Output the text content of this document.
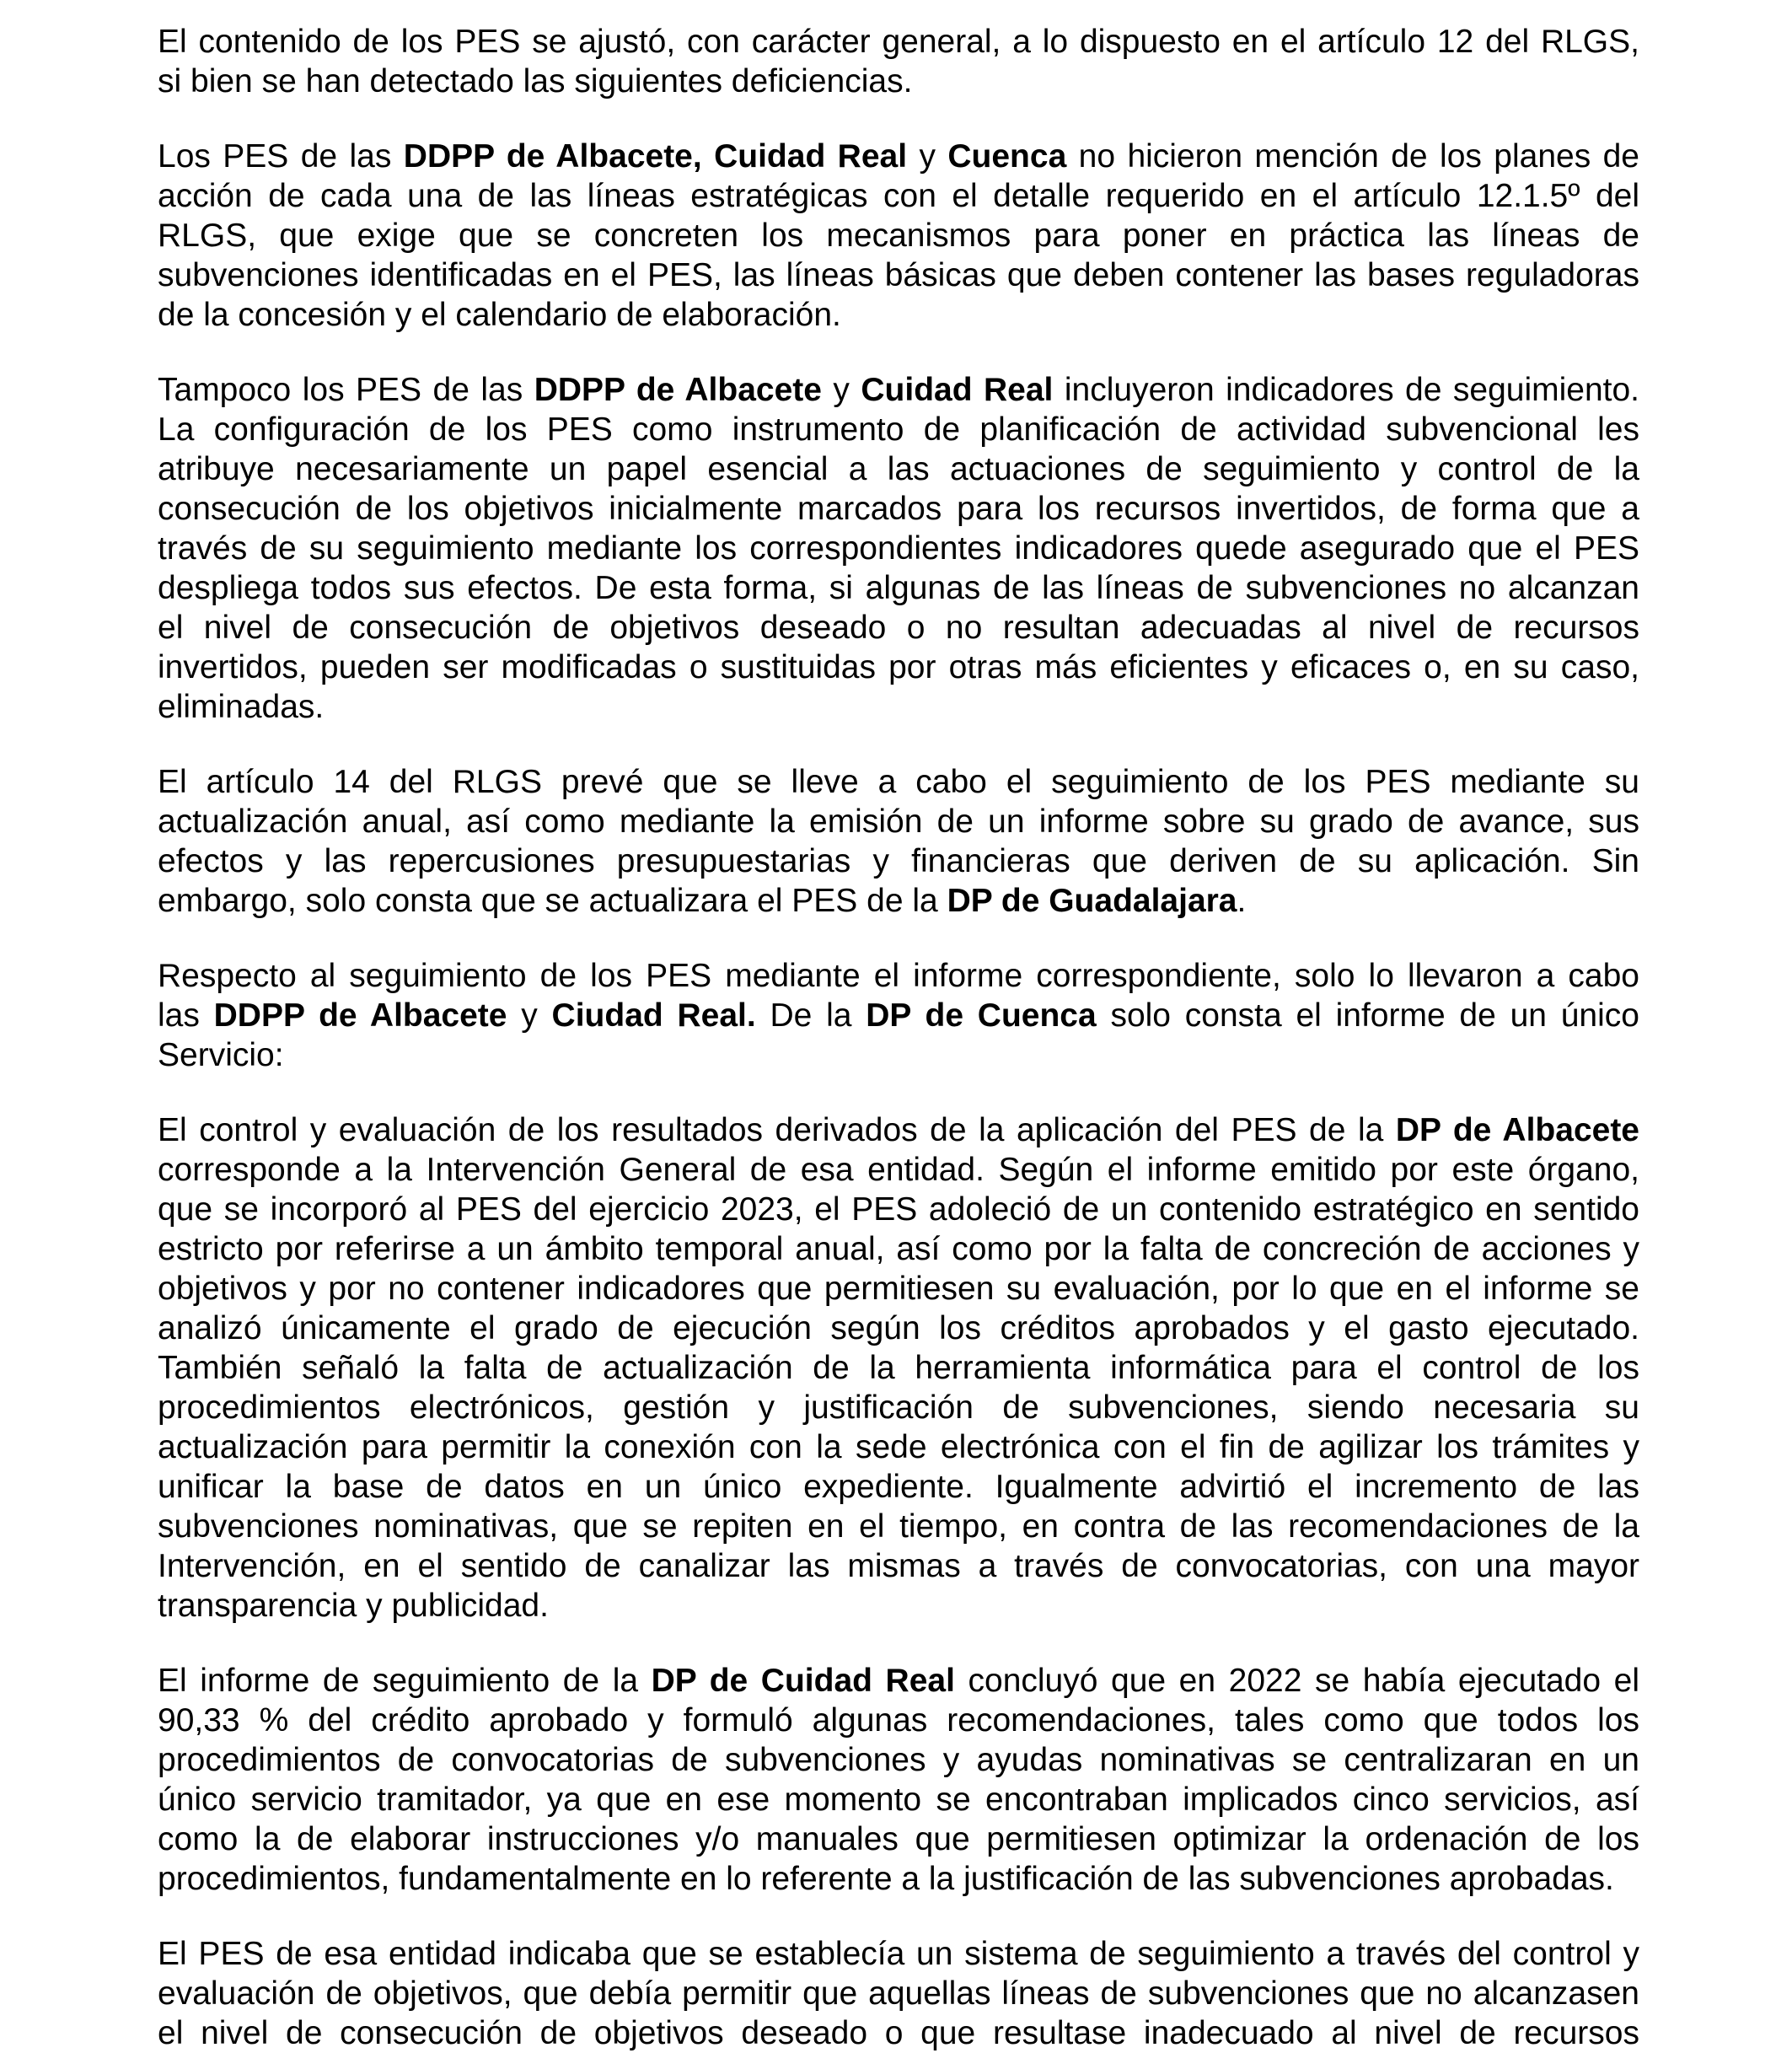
El contenido de los PES se ajustó, con carácter general, a lo dispuesto en el artículo 12 del RLGS,
si bien se han detectado las siguientes deficiencias.

Los PES de las DDPP de Albacete, Cuidad Real y Cuenca no hicieron mención de los planes de
acción de cada una de las líneas estratégicas con el detalle requerido en el artículo 12.1.5º del
RLGS, que exige que se concreten los mecanismos para poner en práctica las líneas de
subvenciones identificadas en el PES, las líneas básicas que deben contener las bases reguladoras
de la concesión y el calendario de elaboración.

Tampoco los PES de las DDPP de Albacete y Cuidad Real incluyeron indicadores de seguimiento.
La configuración de los PES como instrumento de planificación de actividad subvencional les
atribuye necesariamente un papel esencial a las actuaciones de seguimiento y control de la
consecución de los objetivos inicialmente marcados para los recursos invertidos, de forma que a
través de su seguimiento mediante los correspondientes indicadores quede asegurado que el PES
despliega todos sus efectos. De esta forma, si algunas de las líneas de subvenciones no alcanzan
el nivel de consecución de objetivos deseado o no resultan adecuadas al nivel de recursos
invertidos, pueden ser modificadas o sustituidas por otras más eficientes y eficaces o, en su caso,
eliminadas.

El artículo 14 del RLGS prevé que se lleve a cabo el seguimiento de los PES mediante su
actualización anual, así como mediante la emisión de un informe sobre su grado de avance, sus
efectos y las repercusiones presupuestarias y financieras que deriven de su aplicación. Sin
embargo, solo consta que se actualizara el PES de la DP de Guadalajara.

Respecto al seguimiento de los PES mediante el informe correspondiente, solo lo llevaron a cabo
las DDPP de Albacete y Ciudad Real. De la DP de Cuenca solo consta el informe de un único
Servicio:

El control y evaluación de los resultados derivados de la aplicación del PES de la DP de Albacete
corresponde a la Intervención General de esa entidad. Según el informe emitido por este órgano,
que se incorporó al PES del ejercicio 2023, el PES adoleció de un contenido estratégico en sentido
estricto por referirse a un ámbito temporal anual, así como por la falta de concreción de acciones y
objetivos y por no contener indicadores que permitiesen su evaluación, por lo que en el informe se
analizó únicamente el grado de ejecución según los créditos aprobados y el gasto ejecutado.
También señaló la falta de actualización de la herramienta informática para el control de los
procedimientos electrónicos, gestión y justificación de subvenciones, siendo necesaria su
actualización para permitir la conexión con la sede electrónica con el fin de agilizar los trámites y
unificar la base de datos en un único expediente. Igualmente advirtió el incremento de las
subvenciones nominativas, que se repiten en el tiempo, en contra de las recomendaciones de la
Intervención, en el sentido de canalizar las mismas a través de convocatorias, con una mayor
transparencia y publicidad.

El informe de seguimiento de la DP de Cuidad Real concluyó que en 2022 se había ejecutado el
90,33 % del crédito aprobado y formuló algunas recomendaciones, tales como que todos los
procedimientos de convocatorias de subvenciones y ayudas nominativas se centralizaran en un
único servicio tramitador, ya que en ese momento se encontraban implicados cinco servicios, así
como la de elaborar instrucciones y/o manuales que permitiesen optimizar la ordenación de los
procedimientos, fundamentalmente en lo referente a la justificación de las subvenciones aprobadas.

El PES de esa entidad indicaba que se establecía un sistema de seguimiento a través del control y
evaluación de objetivos, que debía permitir que aquellas líneas de subvenciones que no alcanzasen
el nivel de consecución de objetivos deseado o que resultase inadecuado al nivel de recursos
